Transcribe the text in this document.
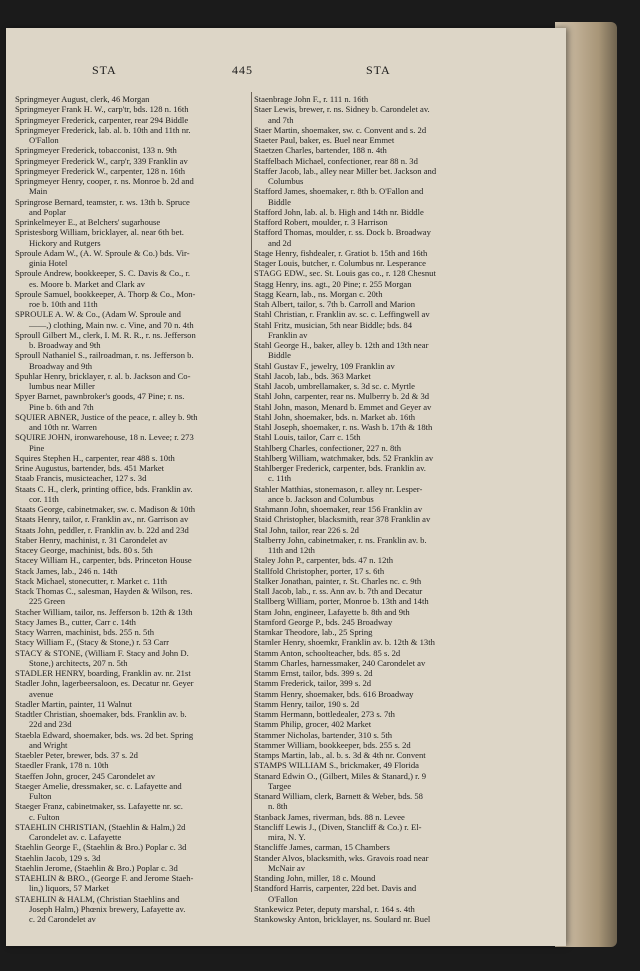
STA	445	STA
Springmeyer August, clerk, 46 Morgan
Springmeyer Frank H. W., carp'tr, bds. 128 n. 16th
Springmeyer Frederick, carpenter, rear 294 Biddle
Springmeyer Frederick, lab. al. b. 10th and 11th nr.
O'Fallon
Springmeyer Frederick, tobacconist, 133 n. 9th
Springmeyer Frederick W., carp'r, 339 Franklin av
Springmeyer Frederick W., carpenter, 128 n. 16th
Springmeyer Henry, cooper, r. ns. Monroe b. 2d and
Main
Springrose Bernard, teamster, r. ws. 13th b. Spruce
and Poplar
Sprinkelmeyer E., at Belchers' sugarhouse
Spristesborg William, bricklayer, al. near 6th bet.
Hickory and Rutgers
Sproule Adam W., (A. W. Sproule & Co.) bds. Vir-
ginia Hotel
Sproule Andrew, bookkeeper, S. C. Davis & Co., r.
es. Moore b. Market and Clark av
Sproule Samuel, bookkeeper, A. Thorp & Co., Mon-
roe b. 10th and 11th
SPROULE A. W. & Co., (Adam W. Sproule and
——,) clothing, Main nw. c. Vine, and 70 n. 4th
Sproull Gilbert M., clerk, I. M. R. R., r. ns. Jefferson
b. Broadway and 9th
Sproull Nathaniel S., railroadman, r. ns. Jefferson b.
Broadway and 9th
Spuhlar Henry, bricklayer, r. al. b. Jackson and Co-
lumbus near Miller
Spyer Barnet, pawnbroker's goods, 47 Pine; r. ns.
Pine b. 6th and 7th
SQUIER ABNER, Justice of the peace, r. alley b. 9th
and 10th nr. Warren
SQUIRE JOHN, ironwarehouse, 18 n. Levee; r. 273
Pine
Squires Stephen H., carpenter, rear 488 s. 10th
Srine Augustus, bartender, bds. 451 Market
Staab Francis, musicteacher, 127 s. 3d
Staats C. H., clerk, printing office, bds. Franklin av.
cor. 11th
Staats George, cabinetmaker, sw. c. Madison & 10th
Staats Henry, tailor, r. Franklin av., nr. Garrison av
Staats John, peddler, r. Franklin av. b. 22d and 23d
Staber Henry, machinist, r. 31 Carondelet av
Stacey George, machinist, bds. 80 s. 5th
Stacey William H., carpenter, bds. Princeton House
Stack James, lab., 246 n. 14th
Stack Michael, stonecutter, r. Market c. 11th
Stack Thomas C., salesman, Hayden & Wilson, res.
225 Green
Stacher William, tailor, ns. Jefferson b. 12th & 13th
Stacy James B., cutter, Carr c. 14th
Stacy Warren, machinist, bds. 255 n. 5th
Stacy William F., (Stacy & Stone,) r. 53 Carr
STACY & STONE, (William F. Stacy and John D.
Stone,) architects, 207 n. 5th
STADLER HENRY, boarding, Franklin av. nr. 21st
Stadler John, lagerbeersaloon, es. Decatur nr. Geyer
avenue
Stadler Martin, painter, 11 Walnut
Stadtler Christian, shoemaker, bds. Franklin av. b.
22d and 23d
Staebla Edward, shoemaker, bds. ws. 2d bet. Spring
and Wright
Staebler Peter, brewer, bds. 37 s. 2d
Staedler Frank, 178 n. 10th
Staeffen John, grocer, 245 Carondelet av
Staeger Amelie, dressmaker, sc. c. Lafayette and
Fulton
Staeger Franz, cabinetmaker, ss. Lafayette nr. sc.
c. Fulton
STAEHLIN CHRISTIAN, (Staehlin & Halm,) 2d
Carondelet av. c. Lafayette
Staehlin George F., (Staehlin & Bro.) Poplar c. 3d
Staehlin Jacob, 129 s. 3d
Staehlin Jerome, (Staehlin & Bro.) Poplar c. 3d
STAEHLIN & BRO., (George F. and Jerome Staeh-
lin,) liquors, 57 Market
STAEHLIN & HALM, (Christian Staehlins and
Joseph Halm,) Phœnix brewery, Lafayette av.
c. 2d Carondelet av
Staenbrage John F., r. 111 n. 16th
Staer Lewis, brewer, r. ns. Sidney b. Carondelet av.
and 7th
Staer Martin, shoemaker, sw. c. Convent and s. 2d
Staeter Paul, baker, es. Buel near Emmet
Staetzen Charles, bartender, 188 n. 4th
Staffelbach Michael, confectioner, rear 88 n. 3d
Staffer Jacob, lab., alley near Miller bet. Jackson and
Columbus
Stafford James, shoemaker, r. 8th b. O'Fallon and
Biddle
Stafford John, lab. al. b. High and 14th nr. Biddle
Stafford Robert, moulder, r. 3 Harrison
Stafford Thomas, moulder, r. ss. Dock b. Broadway
and 2d
Stage Henry, fishdealer, r. Gratiot b. 15th and 16th
Stager Louis, butcher, r. Columbus nr. Lesperance
STAGG EDW., sec. St. Louis gas co., r. 128 Chesnut
Stagg Henry, ins. agt., 20 Pine; r. 255 Morgan
Stagg Kearn, lab., ns. Morgan c. 20th
Stah Albert, tailor, s. 7th b. Carroll and Marion
Stahl Christian, r. Franklin av. sc. c. Leffingwell av
Stahl Fritz, musician, 5th near Biddle; bds. 84
Franklin av
Stahl George H., baker, alley b. 12th and 13th near
Biddle
Stahl Gustav F., jewelry, 109 Franklin av
Stahl Jacob, lab., bds. 363 Market
Stahl Jacob, umbrellamaker, s. 3d sc. c. Myrtle
Stahl John, carpenter, rear ns. Mulberry b. 2d & 3d
Stahl John, mason, Menard b. Emmet and Geyer av
Stahl John, shoemaker, bds. n. Market ab. 16th
Stahl Joseph, shoemaker, r. ns. Wash b. 17th & 18th
Stahl Louis, tailor, Carr c. 15th
Stahlberg Charles, confectioner, 227 n. 8th
Stahlberg William, watchmaker, bds. 52 Franklin av
Stahlberger Frederick, carpenter, bds. Franklin av.
c. 11th
Stahler Matthias, stonemason, r. alley nr. Lesper-
ance b. Jackson and Columbus
Stahmann John, shoemaker, rear 156 Franklin av
Staid Christopher, blacksmith, rear 378 Franklin av
Stal John, tailor, rear 226 s. 2d
Stalberry John, cabinetmaker, r. ns. Franklin av. b.
11th and 12th
Staley John P., carpenter, bds. 47 n. 12th
Stallfold Christopher, porter, 17 s. 6th
Stalker Jonathan, painter, r. St. Charles nc. c. 9th
Stall Jacob, lab., r. ss. Ann av. b. 7th and Decatur
Stallberg William, porter, Monroe b. 13th and 14th
Stam John, engineer, Lafayette b. 8th and 9th
Stamford George P., bds. 245 Broadway
Stamkar Theodore, lab., 25 Spring
Stamler Henry, shoemkr, Franklin av. b. 12th & 13th
Stamm Anton, schoolteacher, bds. 85 s. 2d
Stamm Charles, harnessmaker, 240 Carondelet av
Stamm Ernst, tailor, bds. 399 s. 2d
Stamm Frederick, tailor, 399 s. 2d
Stamm Henry, shoemaker, bds. 616 Broadway
Stamm Henry, tailor, 190 s. 2d
Stamm Hermann, bottledealer, 273 s. 7th
Stamm Philip, grocer, 402 Market
Stammer Nicholas, bartender, 310 s. 5th
Stammer William, bookkeeper, bds. 255 s. 2d
Stamps Martin, lab., al. b. s. 3d & 4th nr. Convent
STAMPS WILLIAM S., brickmaker, 49 Florida
Stanard Edwin O., (Gilbert, Miles & Stanard,) r. 9
Targee
Stanard William, clerk, Barnett & Weber, bds. 58
n. 8th
Stanback James, riverman, bds. 88 n. Levee
Stancliff Lewis J., (Diven, Stancliff & Co.) r. El-
mira, N. Y.
Stancliffe James, carman, 15 Chambers
Stander Alvos, blacksmith, wks. Gravois road near
McNair av
Standing John, miller, 18 c. Mound
Standford Harris, carpenter, 22d bet. Davis and
O'Fallon
Stankewicz Peter, deputy marshal, r. 164 s. 4th
Stankowsky Anton, bricklayer, ns. Soulard nr. Buel
